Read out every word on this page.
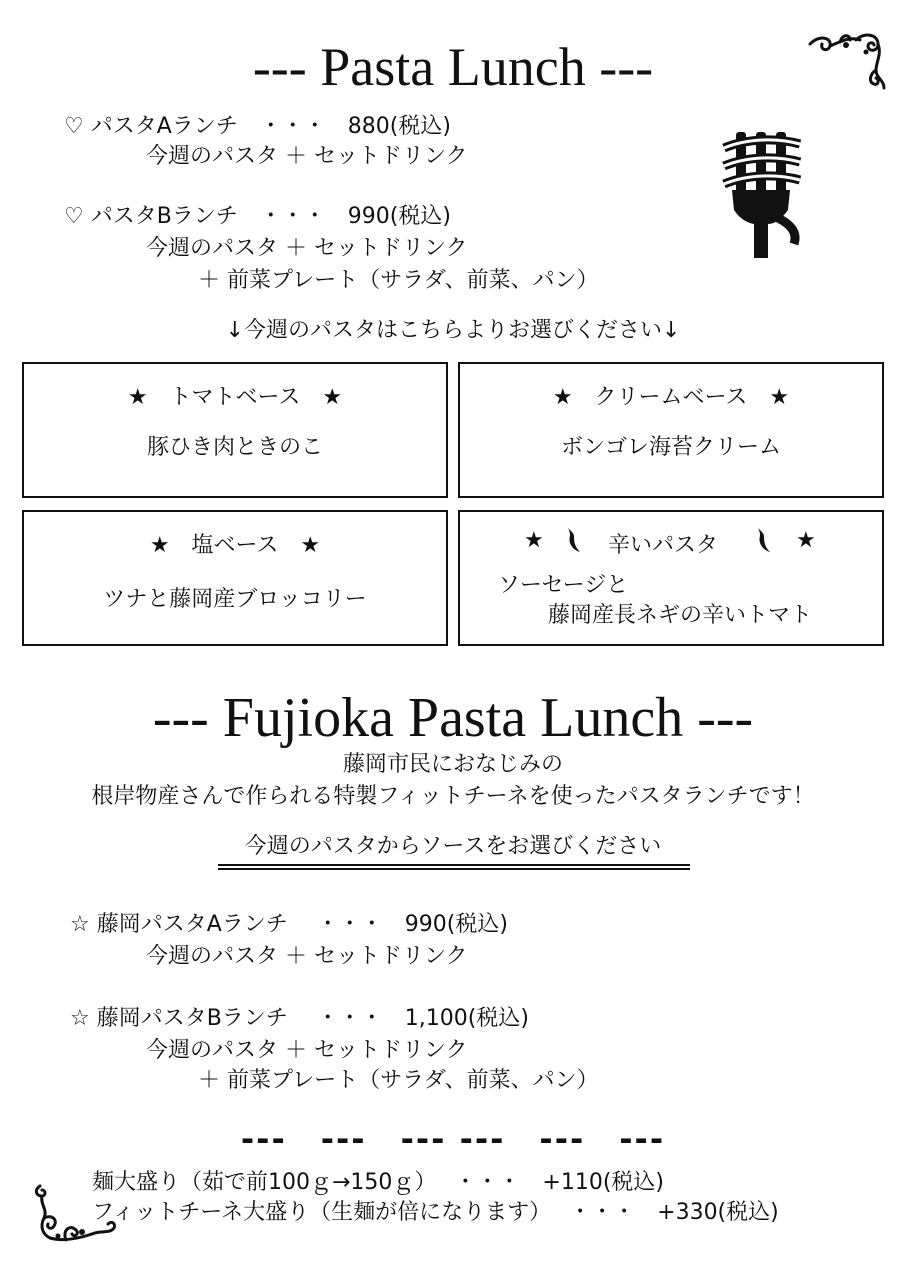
--- Pasta Lunch ---
♡ パスタAランチ　・・・　880(税込)
今週のパスタ ＋ セットドリンク
♡ パスタBランチ　・・・　990(税込)
今週のパスタ ＋ セットドリンク
＋ 前菜プレート（サラダ、前菜、パン）
↓今週のパスタはこちらよりお選びください↓
★　トマトベース　★
豚ひき肉ときのこ
★　クリームベース　★
ボンゴレ海苔クリーム
★　塩ベース　★
ツナと藤岡産ブロッコリー
★	辛いパスタ	★
ソーセージと
藤岡産長ネギの辛いトマト
--- Fujioka Pasta Lunch ---
藤岡市民におなじみの
根岸物産さんで作られる特製フィットチーネを使ったパスタランチです！
今週のパスタからソースをお選びください
☆ 藤岡パスタAランチ　 ・・・　990(税込)
今週のパスタ ＋ セットドリンク
☆ 藤岡パスタBランチ　 ・・・　1,100(税込)
今週のパスタ ＋ セットドリンク
＋ 前菜プレート（サラダ、前菜、パン）
---　---　--- ---　---　---
麺大盛り（茹で前100ｇ→150ｇ）　 ・・・　+110(税込)
フィットチーネ大盛り（生麺が倍になります）　 ・・・　+330(税込)
